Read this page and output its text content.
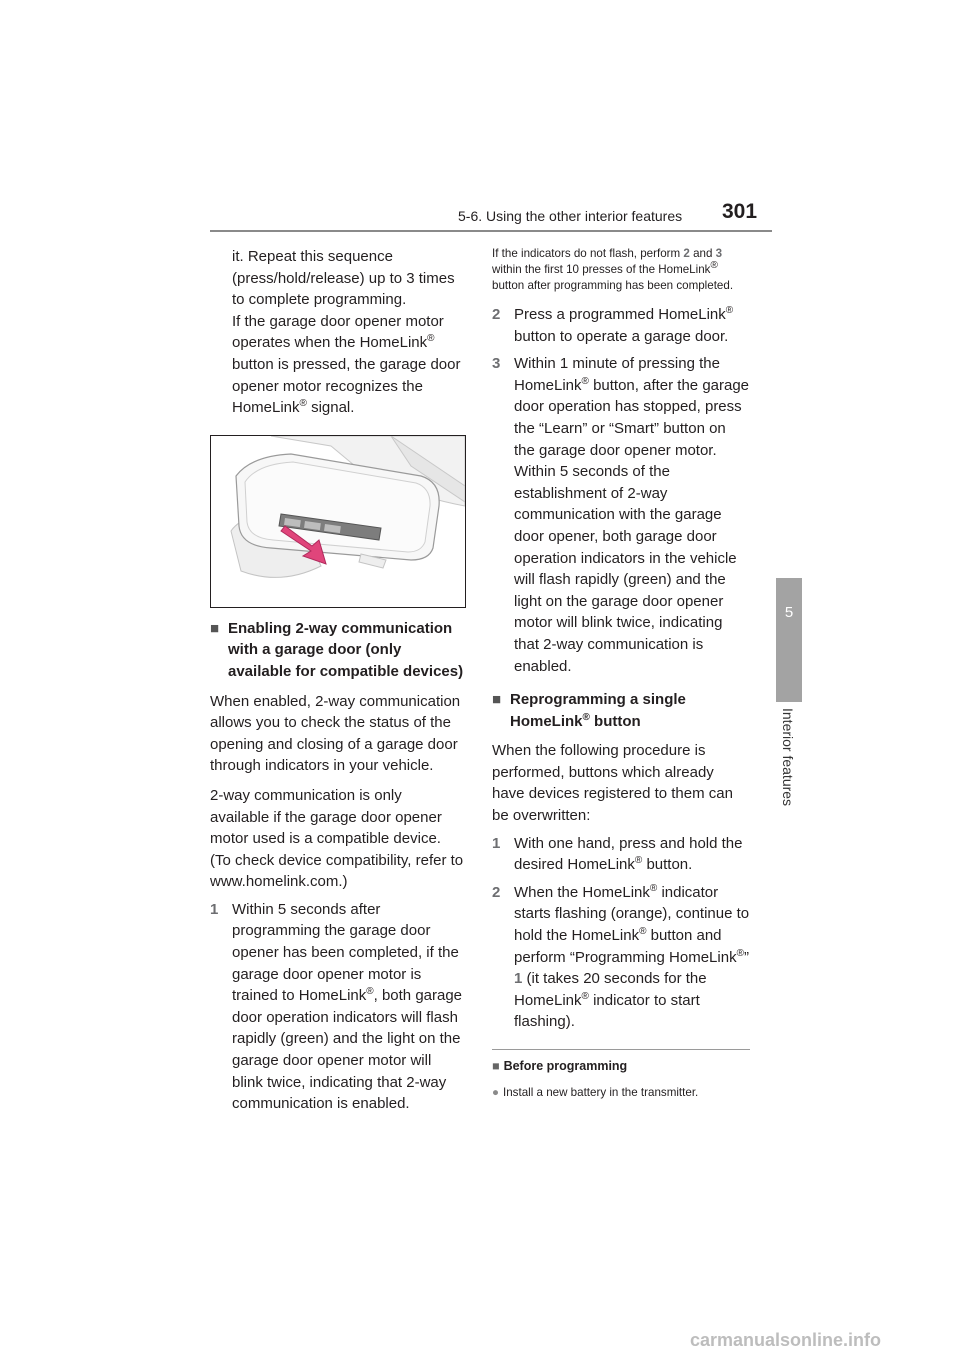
5-6. Using the other interior features 301
5
Interior features

it. Repeat this sequence (press/hold/release) up to 3 times to complete programming.
If the garage door opener motor operates when the HomeLink® button is pressed, the garage door opener motor recognizes the HomeLink® signal.

■ Enabling 2-way communication with a garage door (only available for compatible devices)

When enabled, 2-way communication allows you to check the status of the opening and closing of a garage door through indicators in your vehicle.

2-way communication is only available if the garage door opener motor used is a compatible device. (To check device compatibility, refer to www.homelink.com.)

1 Within 5 seconds after programming the garage door opener has been completed, if the garage door opener motor is trained to HomeLink®, both garage door operation indicators will flash rapidly (green) and the light on the garage door opener motor will blink twice, indicating that 2-way communication is enabled.

If the indicators do not flash, perform 2 and 3 within the first 10 presses of the HomeLink® button after programming has been completed.

2 Press a programmed HomeLink® button to operate a garage door.
3 Within 1 minute of pressing the HomeLink® button, after the garage door operation has stopped, press the “Learn” or “Smart” button on the garage door opener motor. Within 5 seconds of the establishment of 2-way communication with the garage door opener, both garage door operation indicators in the vehicle will flash rapidly (green) and the light on the garage door opener motor will blink twice, indicating that 2-way communication is enabled.
■ Reprogramming a single HomeLink® button

When the following procedure is performed, buttons which already have devices registered to them can be overwritten:

1 With one hand, press and hold the desired HomeLink® button.
2 When the HomeLink® indicator starts flashing (orange), continue to hold the HomeLink® button and perform “Programming HomeLink®” 1 (it takes 20 seconds for the HomeLink® indicator to start flashing).
■ Before programming
● Install a new battery in the transmitter.
carmanualsonline.info
